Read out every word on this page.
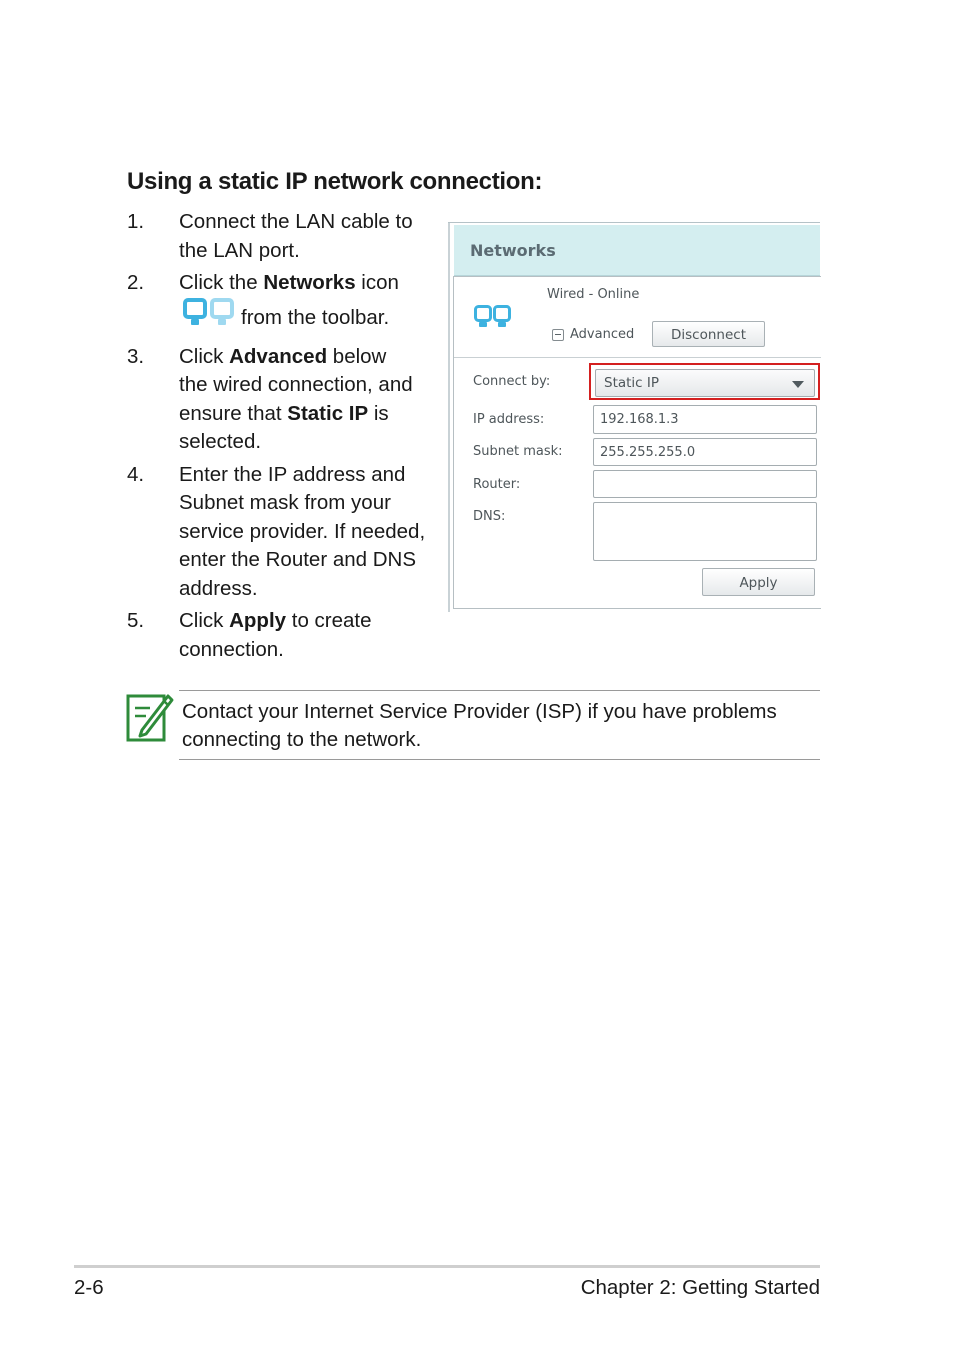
Using a static IP network connection:
1. Connect the LAN cable to
the LAN port.
2. Click the Networks icon
from the toolbar.
3. Click Advanced below
the wired connection, and
ensure that Static IP is
selected.
4. Enter the IP address and
Subnet mask from your
service provider. If needed,
enter the Router and DNS
address.
5. Click Apply to create
connection.
Networks
Wired - Online
Advanced	Disconnect
Connect by:	Static IP
IP address:	192.168.1.3
Subnet mask:	255.255.255.0
Router:
DNS:
Apply
Contact your Internet Service Provider (ISP) if you have problems
connecting to the network.
2-6	Chapter 2: Getting Started
